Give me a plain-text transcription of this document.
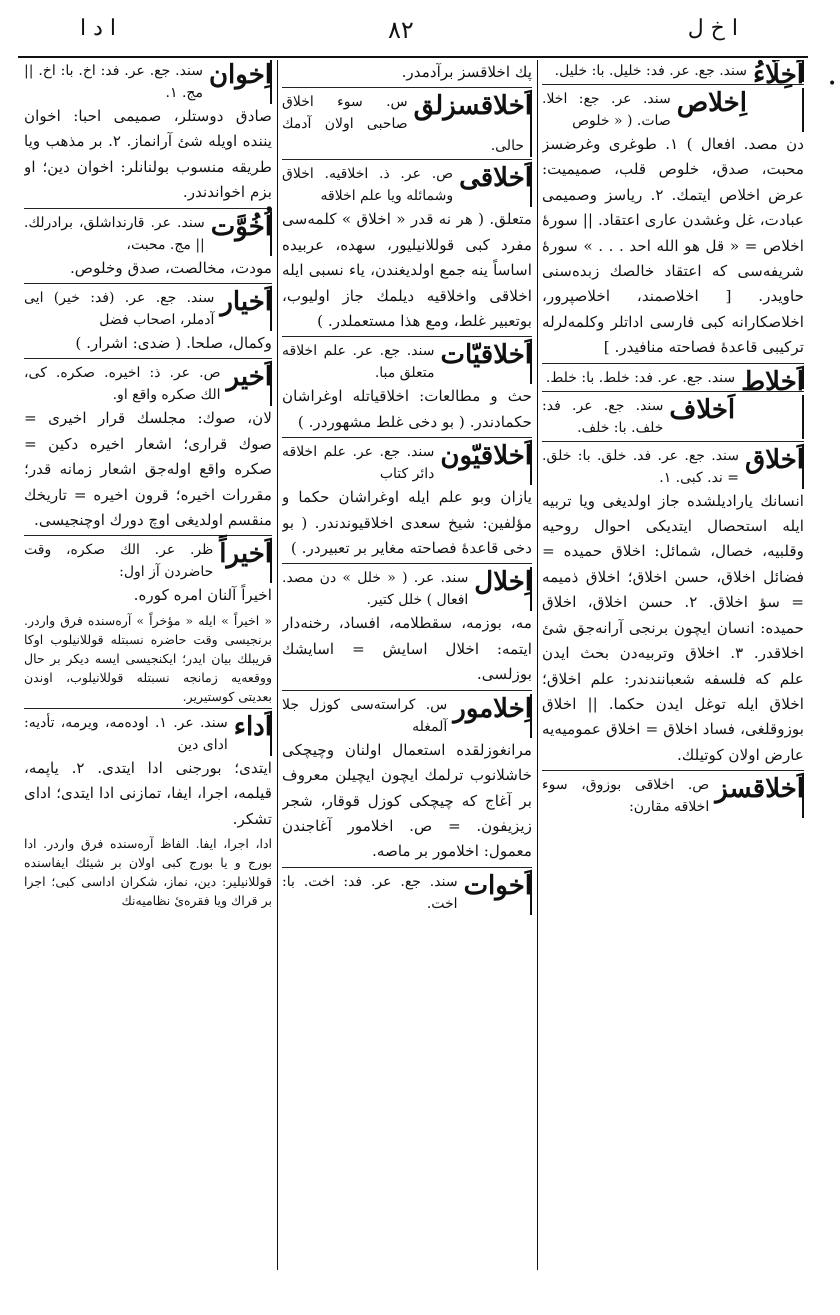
ا د ا	۸۲	ا خ ل
•
اَخِلّاءُ
سند. جع. عر. فد: خليل. با: خليل.
اِخلاص
سند. عر. جع: اخلا. صات. ( « خلوص
دن مصد. افعال ) ۱. طوغرى وغرضسز محبت، صدق، خلوص قلب، صميميت: عرض اخلاص ايتمك. ۲. رياسز وصميمى عبادت، غل وغشدن عارى اعتقاد. || سورۀ اخلاص = « قل هو الله احد . . . » سورۀ شريفه‌سى كه اعتقاد خالصك زبده‌سنى حاويدر. [ اخلاصمند، اخلاصپرور، اخلاصكارانه كبى فارسى اداتلر وكلمه‌لرله تركيبى قاعدۀ فصاحته منافيدر. ]
اَخلاط
سند. جع. عر. فد: خلط. با: خلط.
اَخلاف
سند. جع. عر. فد: خلف. با: خلف.
اَخلاق
سند. جع. عر. فد. خلق. با: خلق. = ند. كبى. ۱.
انسانك ياراديلشده جاز اولديغى ويا تربيه ايله استحصال ايتديكى احوال روحيه وقلبيه، خصال، شمائل: اخلاق حميده = فضائل اخلاق، حسن اخلاق؛ اخلاق ذميمه = سؤ اخلاق. ۲. حسن اخلاق، اخلاق حميده: انسان ايچون برنجى آرانه‌جق شئ اخلاقدر. ۳. اخلاق وتربيه‌دن بحث ايدن علم كه فلسفه شعبانندندر: علم اخلاق؛ اخلاق ايله توغل ايدن حكما. || اخلاق بوزوقلغى، فساد اخلاق = اخلاق عموميه‌يه عارض اولان كوتيلك.
اَخلاقسز
ص. اخلاقى بوزوق، سوء اخلاقه مقارن:
پك اخلاقسز برآدمدر.
اَخلاقسزلق
س. سوء اخلاق صاحبى اولان آدمك حالى.
اَخلاقى
ص. عر. ذ. اخلاقيه. اخلاق وشمائله ويا علم اخلاقه
متعلق. ( هر نه قدر « اخلاق » كلمه‌سى مفرد كبى قوللانيليور، سهده، عربيده اساساً ينه جمع اولديغندن، ياء نسبى ايله اخلاقى واخلاقيه ديلمك جاز اوليوب، بوتعبير غلط، ومع هذا مستعملدر. )
اَخلاقيّات
سند. جع. عر. علم اخلاقه متعلق مبا.
حث و مطالعات: اخلاقياتله اوغراشان حكمادندر. ( بو دخى غلط مشهوردر. )
اَخلاقيّون
سند. جع. عر. علم اخلاقه دائر كتاب
يازان وبو علم ايله اوغراشان حكما و مؤلفين: شيخ سعدى اخلاقيوندندر. ( بو دخى قاعدۀ فصاحته مغاير بر تعبيردر. )
اِخلال
سند. عر. ( « خلل » دن مصد. افعال ) خلل كتير.
مه، بوزمه، سقطلامه، افساد، رخنه‌دار ايتمه: اخلال اسايش = اسايشك بوزلسى.
اِخلامور
س. كراسته‌سى كوزل جلا آلمغله
مرانغوزلقده استعمال اولنان وچيچكى خاشلانوب ترلمك ايچون ايچيلن معروف بر آغاج كه چيچكى كوزل قوقار، شجر زيزيفون. = ص. اخلامور آغاجندن معمول: اخلامور بر ماصه.
اَخوات
سند. جع. عر. فد: اخت. با: اخت.
اِخوان
سند. جع. عر. فد: اخ. با: اخ. || مج. ۱.
صادق دوستلر، صميمى احبا: اخوان يننده اويله شئ آرانماز. ۲. بر مذهب ويا طريقه منسوب بولنانلر: اخوان دين؛ او بزم اخواندندر.
اُخُوَّت
سند. عر. قارنداشلق، برادرلك. || مج. محبت،
مودت، مخالصت، صدق وخلوص.
اَخيار
سند. جع. عر. (فد: خير) ايى آدملر، اصحاب فضل
وكمال، صلحا. ( ضدى: اشرار. )
اَخير
ص. عر. ذ: اخيره. صكره. كى، الك صكره واقع او.
لان، صوك: مجلسك قرار اخيرى = صوك قرارى؛ اشعار اخيره دكين = صكره واقع اوله‌جق اشعار زمانه قدر؛ مقررات اخيره؛ قرون اخيره = تاريخك منقسم اولديغى اوچ دورك اوچنجيسى.
اَخيراً
ظر. عر. الك صكره، وقت حاضردن آز اول:
اخيراً آلنان امره كوره.
« اخيراً » ايله « مؤخراً » آره‌سنده فرق واردر. برنجيسى وقت حاضره نسبتله قوللانيلوب اوكا قريبلك بيان ايدر؛ ايكنجيسى ايسه ديكر بر حال ووقعه‌يه زمانجه نسبتله قوللانيلوب، اوندن بعديتى كوستيرير.
اَداء
سند. عر. ۱. اوده‌مه، ويرمه، تأديه: اداى دين
ايتدى؛ بورجنى ادا ايتدى. ۲. ياپمه، قيلمه، اجرا، ايفا، تمازنى ادا ايتدى؛ اداى تشكر.
ادا، اجرا، ايفا. الفاظ آره‌سنده فرق واردر. ادا بورج و يا بورج كبى اولان بر شيئك ايفاسنده قوللانيلير: دين، نماز، شكران اداسى كبى؛ اجرا بر قراك ويا فقره‌ئ نظاميه‌نك
